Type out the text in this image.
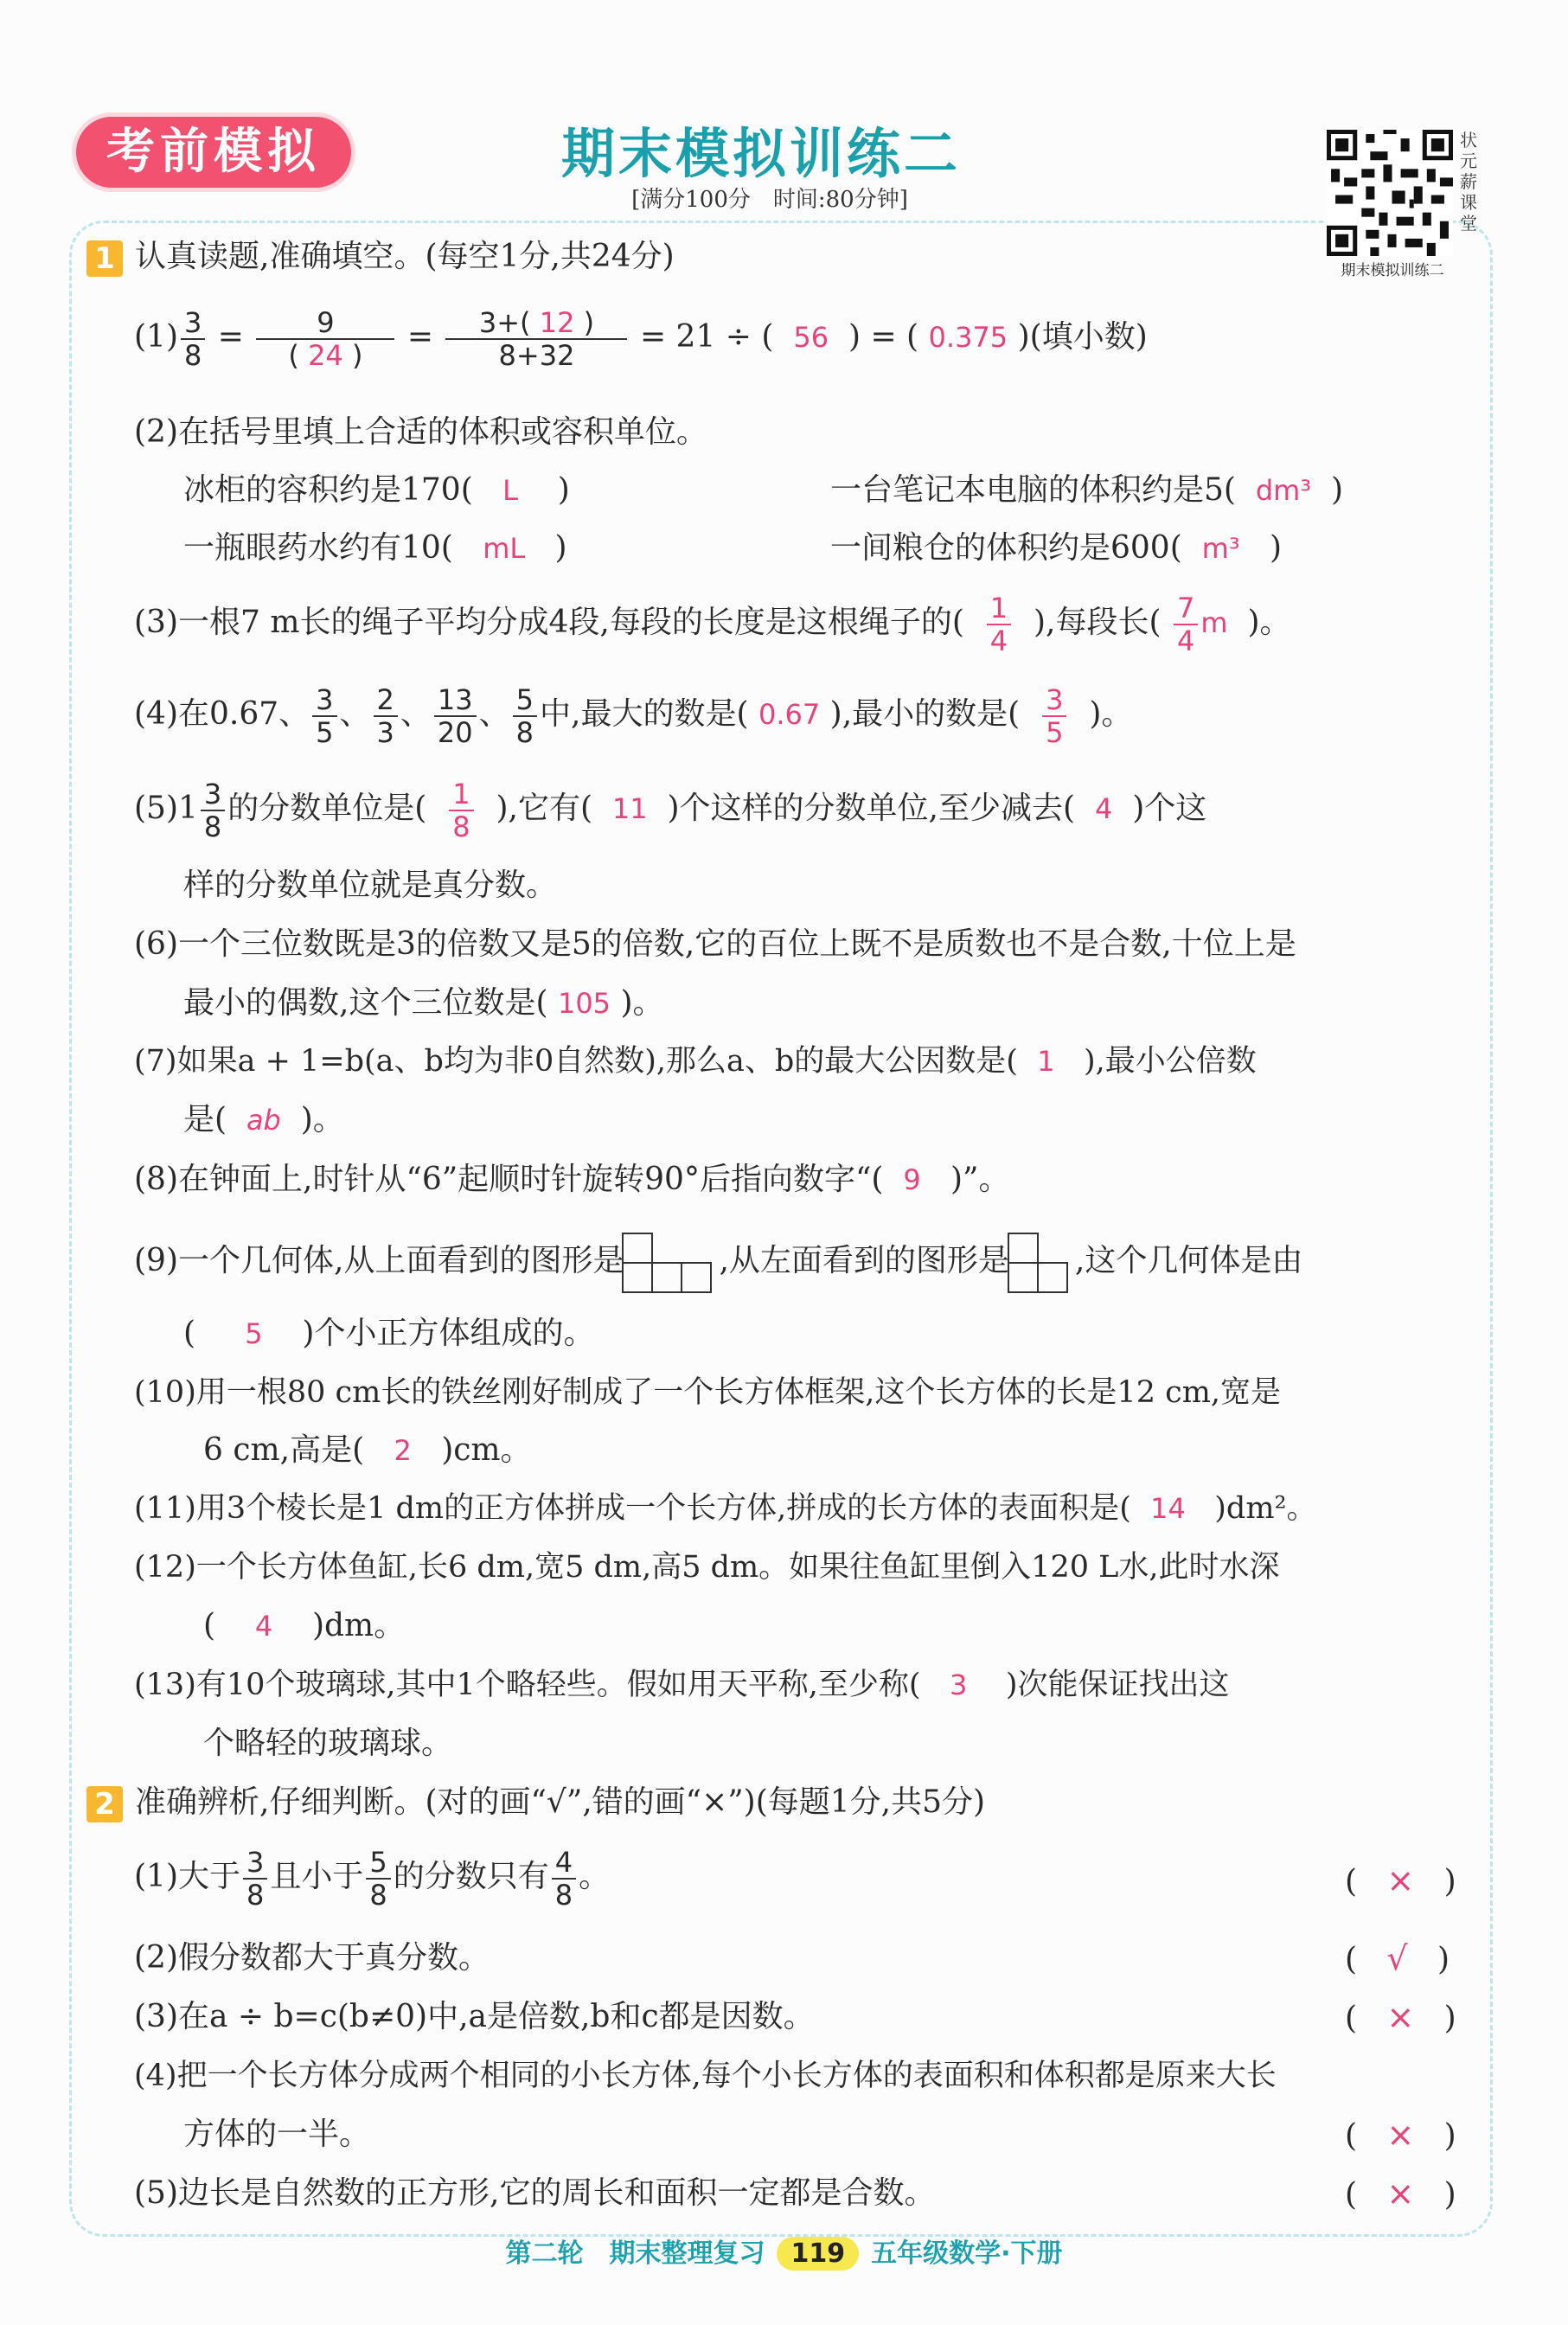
考前模拟	期末模拟训练二
[满分100分　时间:80分钟]
状元薪课堂
期末模拟训练二
1 认真读题,准确填空。(每空1分,共24分)
$(1) \frac{3}{8} = \frac{9}{( 24 )} = \frac{3+( 12 )}{8+32} = 21$ ÷ ( 56 ) = ( 0.375 )(填小数)
(2)在括号里填上合适的体积或容积单位。
冰柜的容积约是170( L )	一台笔记本电脑的体积约是5( dm³ )
一瓶眼药水约有10( mL )	一间粮仓的体积约是600( m³ )
(3)一根7 m长的绳子平均分成4段,每段的长度是这根绳子的( $\frac{1}{4}$ ),每段长( $\frac{7}{4}$ m )。
(4)在0.67、 $\frac{3}{5}$ 、 $\frac{2}{3}$ 、 $\frac{13}{20}$ 、 $\frac{5}{8}$ 中,最大的数是( 0.67 ),最小的数是( $\frac{3}{5}$ )。
$(5)1 \frac{3}{8}$ 的分数单位是( $\frac{1}{8}$ ),它有( 11 )个这样的分数单位,至少减去( 4 )个这
样的分数单位就是真分数。
(6)一个三位数既是3的倍数又是5的倍数,它的百位上既不是质数也不是合数,十位上是
最小的偶数,这个三位数是( 105 )。
(7)如果a + 1=b(a、b均为非0自然数),那么a、b的最大公因数是( 1 ),最小公倍数
是( ab )。
(8)在钟面上,时针从“6”起顺时针旋转90°后指向数字“( 9 )”。
(9)一个几何体,从上面看到的图形是	,从左面看到的图形是 ,这个几何体是由
( 5 )个小正方体组成的。
(10)用一根80 cm长的铁丝刚好制成了一个长方体框架,这个长方体的长是12 cm,宽是
6 cm,高是( 2 )cm。
(11)用3个棱长是1 dm的正方体拼成一个长方体,拼成的长方体的表面积是( 14 )dm²。
(12)一个长方体鱼缸,长6 dm,宽5 dm,高5 dm。如果往鱼缸里倒入120 L水,此时水深
( 4 )dm。
(13)有10个玻璃球,其中1个略轻些。假如用天平称,至少称( 3 )次能保证找出这
个略轻的玻璃球。
2 准确辨析,仔细判断。(对的画“√”,错的画“×”)(每题1分,共5分)
(1)大于 $\frac{3}{8}$ 且小于 $\frac{5}{8}$ 的分数只有 $\frac{4}{8}$ 。	( × )
(2)假分数都大于真分数。	( √ )
(3)在a ÷ b=c(b≠0)中,a是倍数,b和c都是因数。	( × )
(4)把一个长方体分成两个相同的小长方体,每个小长方体的表面积和体积都是原来大长
方体的一半。	( × )
(5)边长是自然数的正方形,它的周长和面积一定都是合数。	( × )
第二轮　期末整理复习 119 五年级数学·下册
